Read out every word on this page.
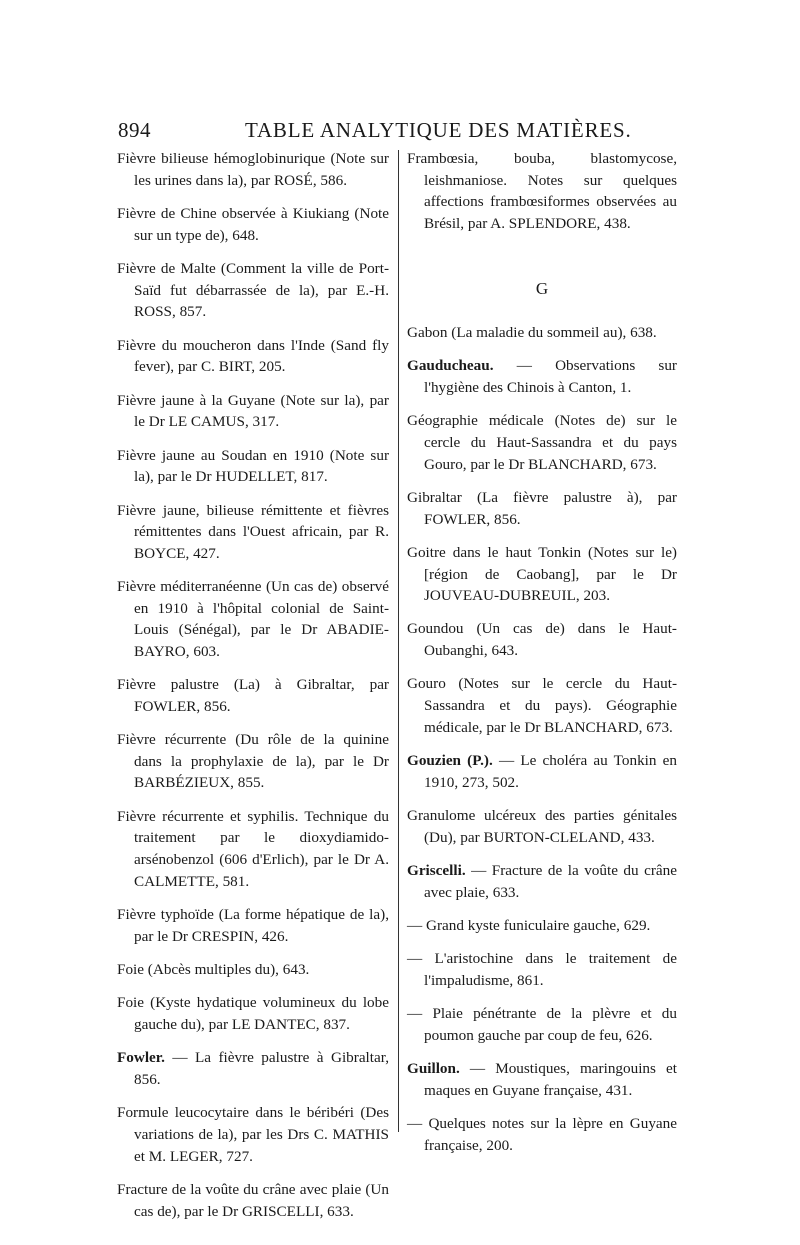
894	TABLE ANALYTIQUE DES MATIÈRES.

Fièvre bilieuse hémoglobinurique (Note sur les urines dans la), par ROSÉ, 586.

Fièvre de Chine observée à Kiukiang (Note sur un type de), 648.

Fièvre de Malte (Comment la ville de Port-Saïd fut débarrassée de la), par E.-H. ROSS, 857.

Fièvre du moucheron dans l'Inde (Sand fly fever), par C. BIRT, 205.

Fièvre jaune à la Guyane (Note sur la), par le Dr LE CAMUS, 317.

Fièvre jaune au Soudan en 1910 (Note sur la), par le Dr HUDELLET, 817.

Fièvre jaune, bilieuse rémittente et fièvres rémittentes dans l'Ouest africain, par R. BOYCE, 427.

Fièvre méditerranéenne (Un cas de) observé en 1910 à l'hôpital colonial de Saint-Louis (Sénégal), par le Dr ABADIE-BAYRO, 603.

Fièvre palustre (La) à Gibraltar, par FOWLER, 856.

Fièvre récurrente (Du rôle de la quinine dans la prophylaxie de la), par le Dr BARBÉZIEUX, 855.

Fièvre récurrente et syphilis. Technique du traitement par le dioxydiamido-arsénobenzol (606 d'Erlich), par le Dr A. CALMETTE, 581.

Fièvre typhoïde (La forme hépatique de la), par le Dr CRESPIN, 426.

Foie (Abcès multiples du), 643.

Foie (Kyste hydatique volumineux du lobe gauche du), par LE DANTEC, 837.

Fowler. — La fièvre palustre à Gibraltar, 856.

Formule leucocytaire dans le béribéri (Des variations de la), par les Drs C. MATHIS et M. LEGER, 727.

Fracture de la voûte du crâne avec plaie (Un cas de), par le Dr GRISCELLI, 633.

Frambœsia, bouba, blastomycose, leishmaniose. Notes sur quelques affections frambœsiformes observées au Brésil, par A. SPLENDORE, 438.

G

Gabon (La maladie du sommeil au), 638.

Gauducheau. — Observations sur l'hygiène des Chinois à Canton, 1.

Géographie médicale (Notes de) sur le cercle du Haut-Sassandra et du pays Gouro, par le Dr BLANCHARD, 673.

Gibraltar (La fièvre palustre à), par FOWLER, 856.

Goitre dans le haut Tonkin (Notes sur le) [région de Caobang], par le Dr JOUVEAU-DUBREUIL, 203.

Goundou (Un cas de) dans le Haut-Oubanghi, 643.

Gouro (Notes sur le cercle du Haut-Sassandra et du pays). Géographie médicale, par le Dr BLANCHARD, 673.

Gouzien (P.). — Le choléra au Tonkin en 1910, 273, 502.

Granulome ulcéreux des parties génitales (Du), par BURTON-CLELAND, 433.

Griscelli. — Fracture de la voûte du crâne avec plaie, 633.

— Grand kyste funiculaire gauche, 629.

— L'aristochine dans le traitement de l'impaludisme, 861.

— Plaie pénétrante de la plèvre et du poumon gauche par coup de feu, 626.

Guillon. — Moustiques, maringouins et maques en Guyane française, 431.

— Quelques notes sur la lèpre en Guyane française, 200.
